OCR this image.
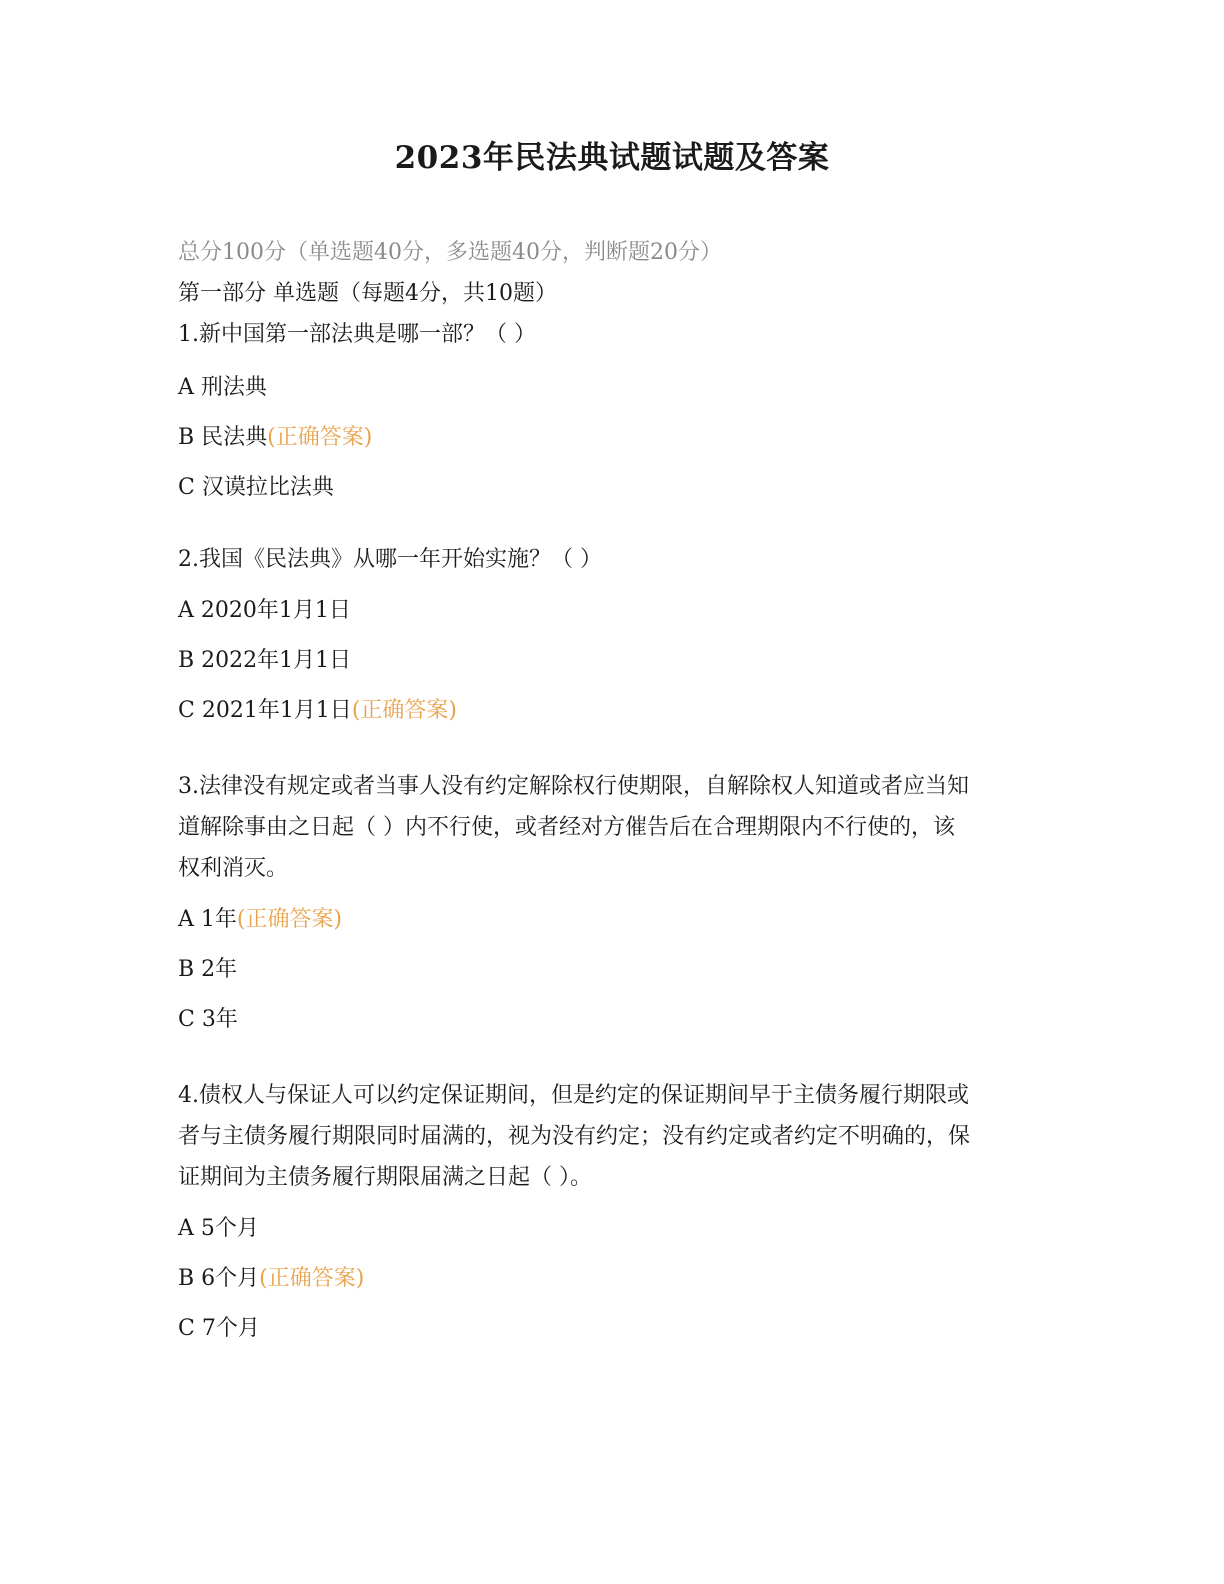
2023年民法典试题试题及答案
总分100分（单选题40分，多选题40分，判断题20分）
第一部分 单选题（每题4分，共10题）
1.新中国第一部法典是哪一部？（ ）
A 刑法典
B 民法典(正确答案)
C 汉谟拉比法典
2.我国《民法典》从哪一年开始实施？（ ）
A 2020年1月1日
B 2022年1月1日
C 2021年1月1日(正确答案)
3.法律没有规定或者当事人没有约定解除权行使期限，自解除权人知道或者应当知
道解除事由之日起（ ）内不行使，或者经对方催告后在合理期限内不行使的，该
权利消灭。
A 1年(正确答案)
B 2年
C 3年
4.债权人与保证人可以约定保证期间，但是约定的保证期间早于主债务履行期限或
者与主债务履行期限同时届满的，视为没有约定；没有约定或者约定不明确的，保
证期间为主债务履行期限届满之日起（ ）。
A 5个月
B 6个月(正确答案)
C 7个月
